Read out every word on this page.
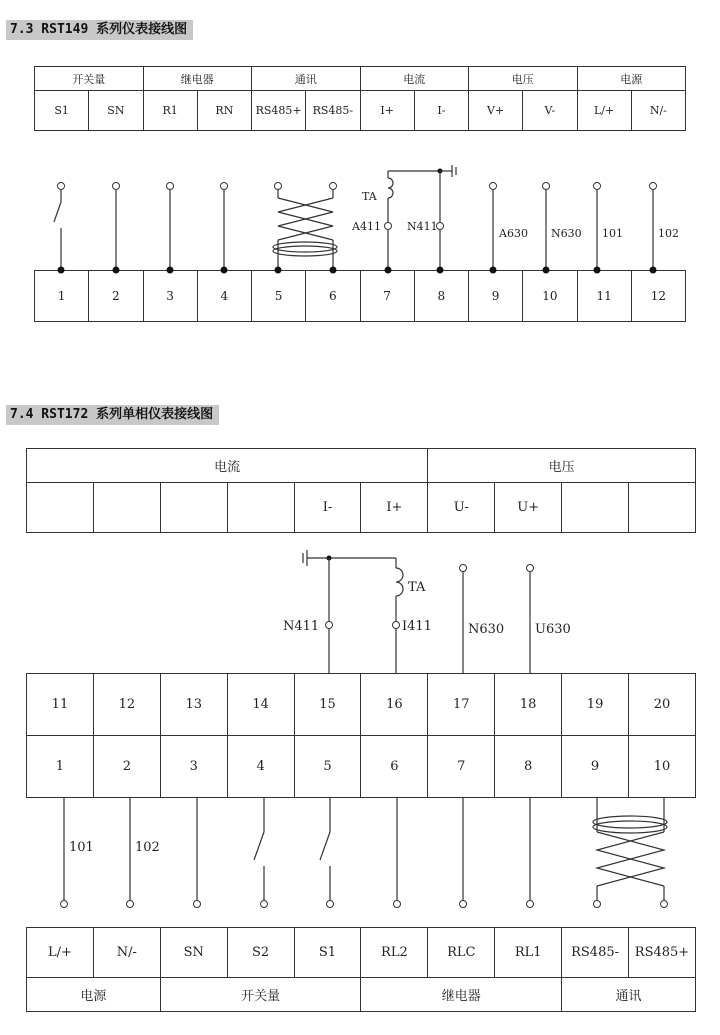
7.3 RST149 系列仪表接线图
开关量		继电器		通讯		电流		电压		电源	
S1	SN	R1	RN	RS485+	RS485-	I+	I-	V+	V-	L/+	N/-
1	2	3	4	5	6	7	8	9	10	11	12
TA
A411 N411
A630 N630 101	102
7.4 RST172 系列单相仪表接线图
电流						电压			
				I-	I+	U-	U+		
11	12	13	14	15	16	17	18	19	20
1	2	3	4	5	6	7	8	9	10
L/+	N/-	SN	S2	S1	RL2	RLC	RL1	RS485-	RS485+
电源		开关量			继电器			通讯	
TA
N411	I411	N630 U630
101	102
